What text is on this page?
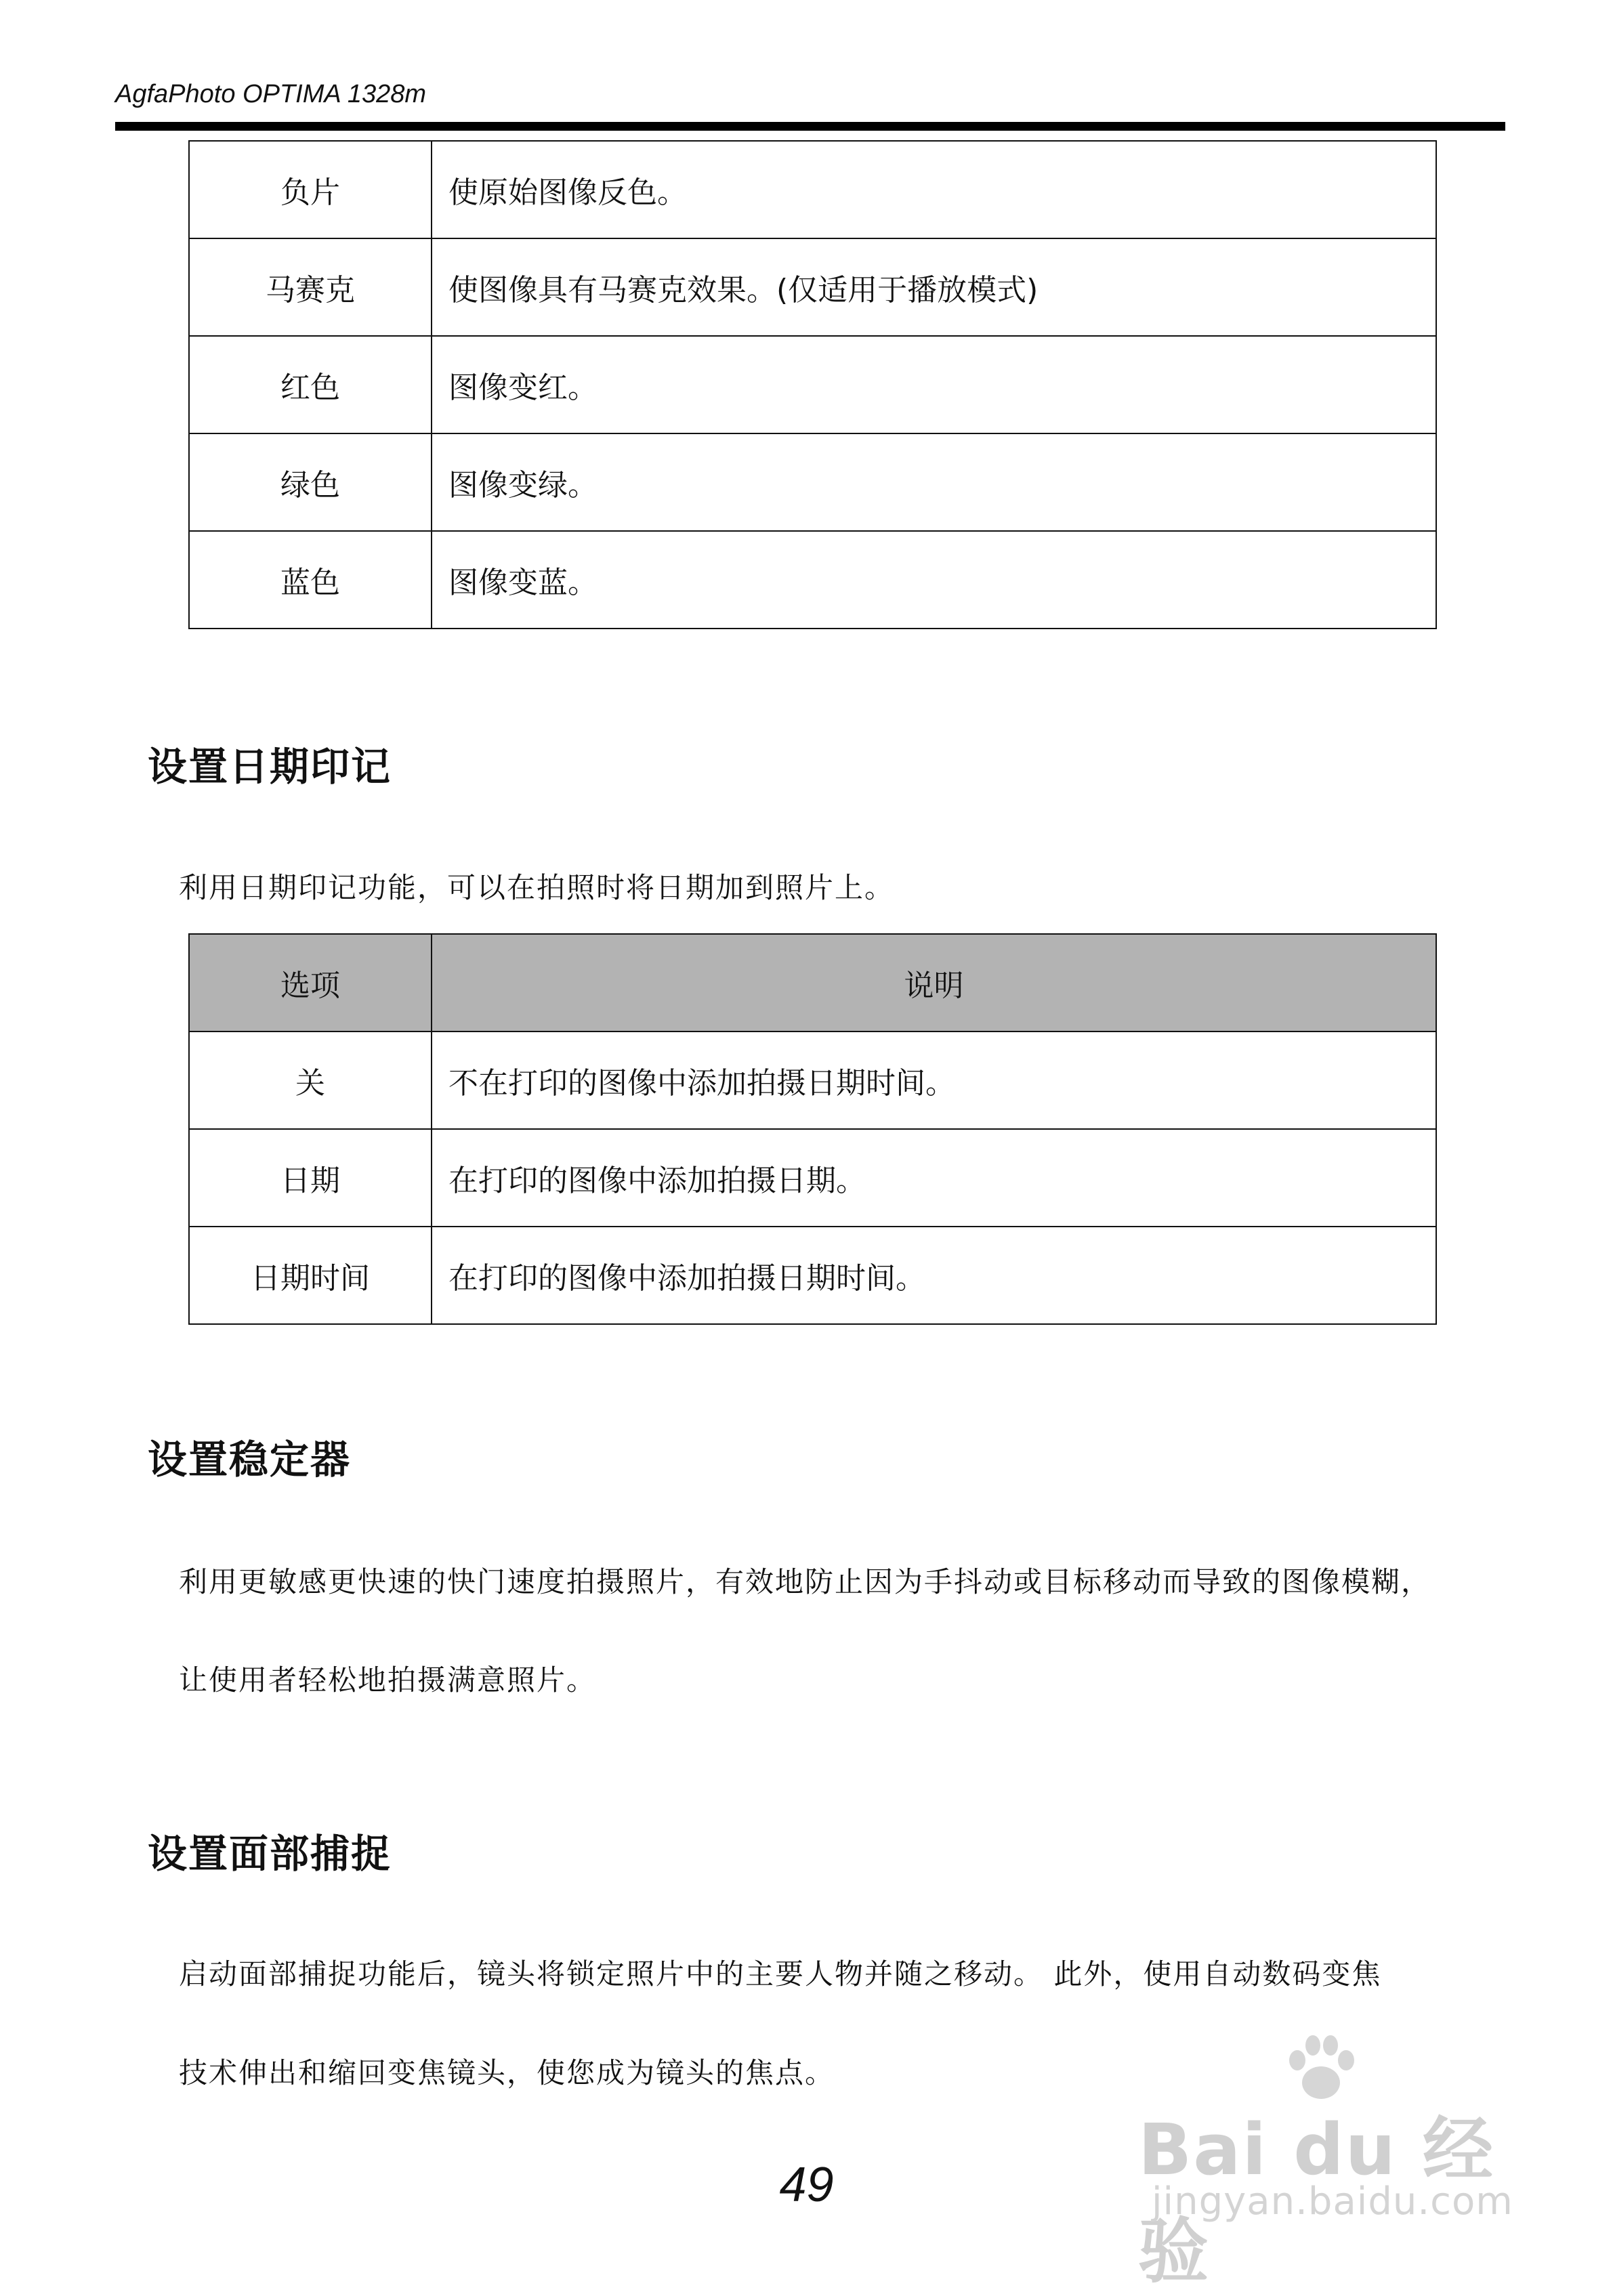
AgfaPhoto OPTIMA 1328m
负片	使原始图像反色。
马赛克	使图像具有马赛克效果。(仅适用于播放模式)
红色	图像变红。
绿色	图像变绿。
蓝色	图像变蓝。
设置日期印记
利用日期印记功能，可以在拍照时将日期加到照片上。
选项	说明
关	不在打印的图像中添加拍摄日期时间。
日期	在打印的图像中添加拍摄日期。
日期时间	在打印的图像中添加拍摄日期时间。
设置稳定器
利用更敏感更快速的快门速度拍摄照片，有效地防止因为手抖动或目标移动而导致的图像模糊，
让使用者轻松地拍摄满意照片。
设置面部捕捉
启动面部捕捉功能后，镜头将锁定照片中的主要人物并随之移动。 此外，使用自动数码变焦
技术伸出和缩回变焦镜头，使您成为镜头的焦点。
49	Bai du 经验
jingyan.baidu.com
